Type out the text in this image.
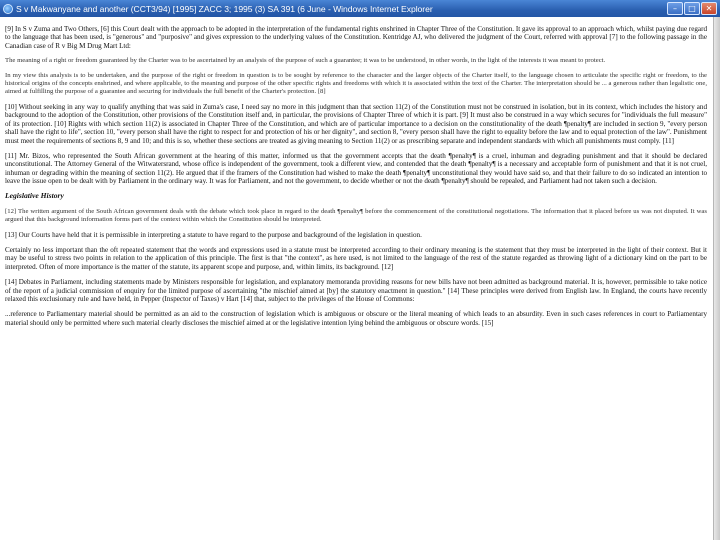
S v Makwanyane and another (CCT3/94) [1995] ZACC 3; 1995 (3) SA 391 (6 June - Windows Internet Explorer	–	□	✕

[9] In S v Zuma and Two Others, [6] this Court dealt with the approach to be adopted in the interpretation of the fundamental rights enshrined in Chapter Three of the Constitution. It gave its approval to an approach which, whilst paying due regard to the language that has been used, is "generous" and "purposive" and gives expression to the underlying values of the Constitution. Kentridge AJ, who delivered the judgment of the Court, referred with approval [7] to the following passage in the Canadian case of R v Big M Drug Mart Ltd:

The meaning of a right or freedom guaranteed by the Charter was to be ascertained by an analysis of the purpose of such a guarantee; it was to be understood, in other words, in the light of the interests it was meant to protect.

In my view this analysis is to be undertaken, and the purpose of the right or freedom in question is to be sought by reference to the character and the larger objects of the Charter itself, to the language chosen to articulate the specific right or freedom, to the historical origins of the concepts enshrined, and where applicable, to the meaning and purpose of the other specific rights and freedoms with which it is associated within the text of the Charter. The interpretation should be ... a generous rather than legalistic one, aimed at fulfilling the purpose of a guarantee and securing for individuals the full benefit of the Charter's protection. [8]

[10] Without seeking in any way to qualify anything that was said in Zuma's case, I need say no more in this judgment than that section 11(2) of the Constitution must not be construed in isolation, but in its context, which includes the history and background to the adoption of the Constitution, other provisions of the Constitution itself and, in particular, the provisions of Chapter Three of which it is part. [9] It must also be construed in a way which secures for "individuals the full measure" of its protection. [10] Rights with which section 11(2) is associated in Chapter Three of the Constitution, and which are of particular importance to a decision on the constitutionality of the death ¶penalty¶ are included in section 9, "every person shall have the right to life", section 10, "every person shall have the right to respect for and protection of his or her dignity", and section 8, "every person shall have the right to equality before the law and to equal protection of the law". Punishment must meet the requirements of sections 8, 9 and 10; and this is so, whether these sections are treated as giving meaning to Section 11(2) or as prescribing separate and independent standards with which all punishments must comply. [11]

[11] Mr. Bizos, who represented the South African government at the hearing of this matter, informed us that the government accepts that the death ¶penalty¶ is a cruel, inhuman and degrading punishment and that it should be declared unconstitutional. The Attorney General of the Witwatersrand, whose office is independent of the government, took a different view, and contended that the death ¶penalty¶ is a necessary and acceptable form of punishment and that it is not cruel, inhuman or degrading within the meaning of section 11(2). He argued that if the framers of the Constitution had wished to make the death ¶penalty¶ unconstitutional they would have said so, and that their failure to do so indicated an intention to leave the issue open to be dealt with by Parliament in the ordinary way. It was for Parliament, and not the government, to decide whether or not the death ¶penalty¶ should be repealed, and Parliament had not taken such a decision.

Legislative History

[12] The written argument of the South African government deals with the debate which took place in regard to the death ¶penalty¶ before the commencement of the constitutional negotiations. The information that it placed before us was not disputed. It was argued that this background information forms part of the context within which the Constitution should be interpreted.

[13] Our Courts have held that it is permissible in interpreting a statute to have regard to the purpose and background of the legislation in question.

Certainly no less important than the oft repeated statement that the words and expressions used in a statute must be interpreted according to their ordinary meaning is the statement that they must be interpreted in the light of their context. But it may be useful to stress two points in relation to the application of this principle. The first is that "the context", as here used, is not limited to the language of the rest of the statute regarded as throwing light of a dictionary kind on the part to be interpreted. Often of more importance is the matter of the statute, its apparent scope and purpose, and, within limits, its background. [12]

[14] Debates in Parliament, including statements made by Ministers responsible for legislation, and explanatory memoranda providing reasons for new bills have not been admitted as background material. It is, however, permissible to take notice of the report of a judicial commission of enquiry for the limited purpose of ascertaining "the mischief aimed at [by] the statutory enactment in question." [14] These principles were derived from English law. In England, the courts have recently relaxed this exclusionary rule and have held, in Pepper (Inspector of Taxes) v Hart [14] that, subject to the privileges of the House of Commons:

...reference to Parliamentary material should be permitted as an aid to the construction of legislation which is ambiguous or obscure or the literal meaning of which leads to an absurdity. Even in such cases references in court to Parliamentary material should only be permitted where such material clearly discloses the mischief aimed at or the legislative intention lying behind the ambiguous or obscure words. [15]
